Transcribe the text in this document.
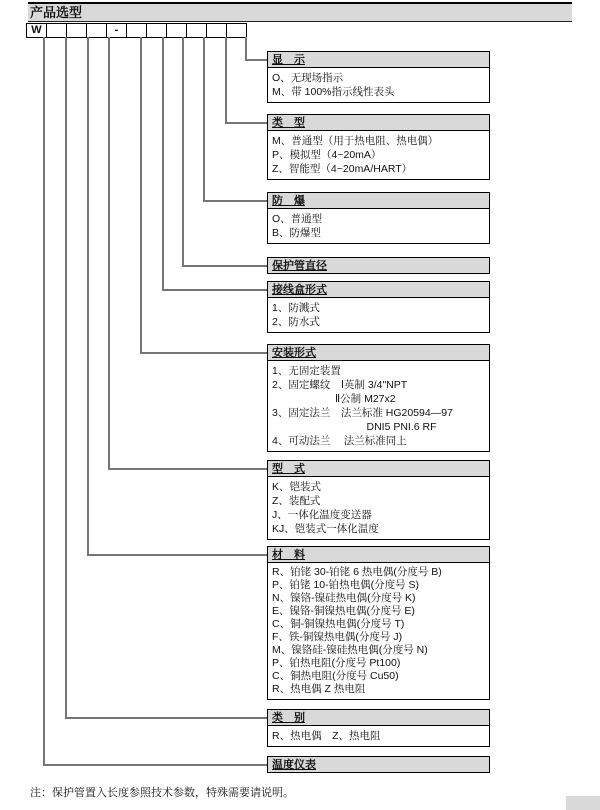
产品选型
W	-
显　示
O、无现场指示
M、带 100%指示线性表头
类　型
M、普通型（用于热电阻、热电偶）
P、模拟型（4~20mA）
Z、智能型（4~20mA/HART）
防　爆
O、普通型
B、防爆型
保护管直径
接线盒形式
1、防溅式
2、防水式
安装形式
1、无固定装置
2、固定螺纹　Ⅰ英制 3/4"NPT
　　　　　　Ⅱ公制 M27x2
3、固定法兰　法兰标准 HG20594—97
　　　　　　　　　DNI5 PNI.6 RF
4、可动法兰　 法兰标准同上
型　式
K、铠装式
Z、装配式
J、一体化温度变送器
KJ、铠装式一体化温度
材　料
R、铂铑 30-铂铑 6 热电偶(分度号 B)
P、铂铑 10-铂热电偶(分度号 S)
N、镍铬-镍硅热电偶(分度号 K)
E、镍铬-铜镍热电偶(分度号 E)
C、铜-铜镍热电偶(分度号 T)
F、铁-铜镍热电偶(分度号 J)
M、镍铬硅-镍硅热电偶(分度号 N)
P、铂热电阻(分度号 Pt100)
C、铜热电阻(分度号 Cu50)
R、热电偶 Z 热电阻
类　别
R、热电偶　Z、热电阻
温度仪表
注：保护管置入长度参照技术参数，特殊需要请说明。
